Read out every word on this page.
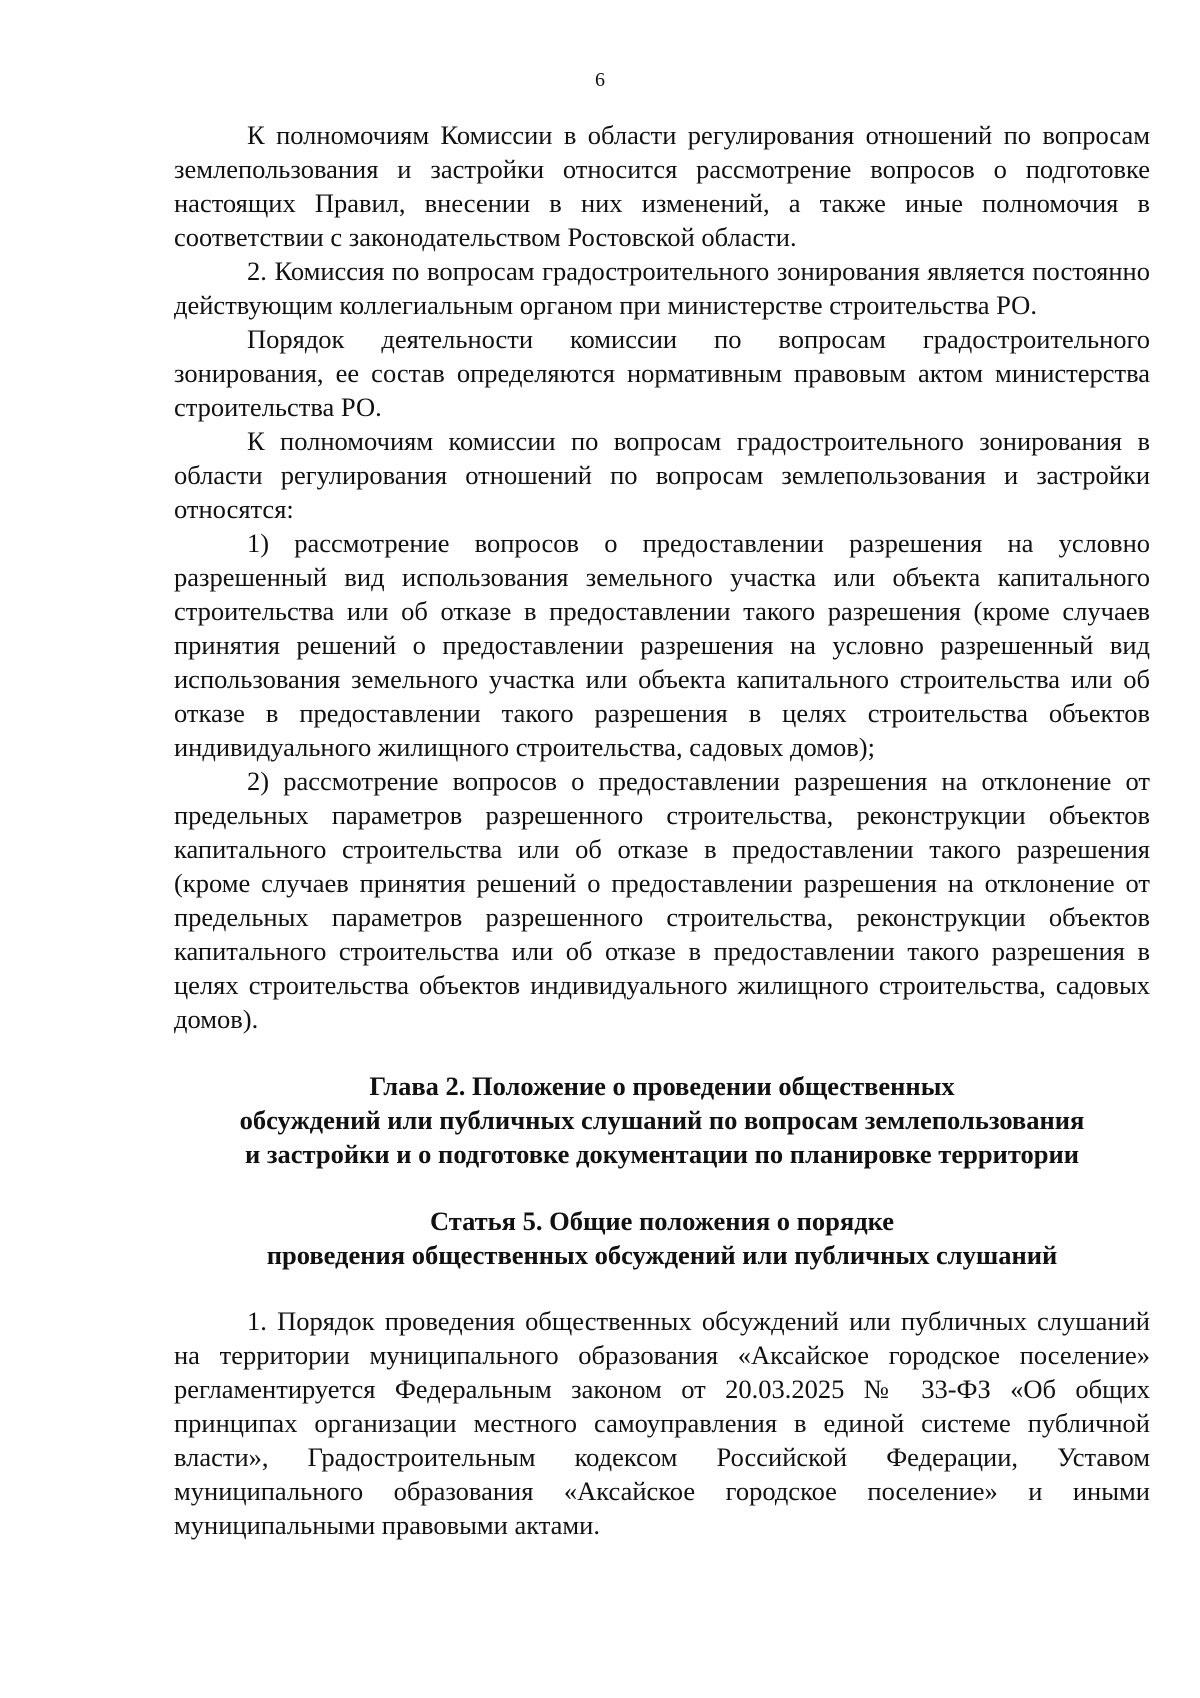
6

К полномочиям Комиссии в области регулирования отношений по вопросам землепользования и застройки относится рассмотрение вопросов о подготовке настоящих Правил, внесении в них изменений, а также иные полномочия в соответствии с законодательством Ростовской области.

2. Комиссия по вопросам градостроительного зонирования является постоянно действующим коллегиальным органом при министерстве строительства РО.

Порядок деятельности комиссии по вопросам градостроительного зонирования, ее состав определяются нормативным правовым актом министерства строительства РО.

К полномочиям комиссии по вопросам градостроительного зонирования в области регулирования отношений по вопросам землепользования и застройки относятся:

1) рассмотрение вопросов о предоставлении разрешения на условно разрешенный вид использования земельного участка или объекта капитального строительства или об отказе в предоставлении такого разрешения (кроме случаев принятия решений о предоставлении разрешения на условно разрешенный вид использования земельного участка или объекта капитального строительства или об отказе в предоставлении такого разрешения в целях строительства объектов индивидуального жилищного строительства, садовых домов);

2) рассмотрение вопросов о предоставлении разрешения на отклонение от предельных параметров разрешенного строительства, реконструкции объектов капитального строительства или об отказе в предоставлении такого разрешения (кроме случаев принятия решений о предоставлении разрешения на отклонение от предельных параметров разрешенного строительства, реконструкции объектов капитального строительства или об отказе в предоставлении такого разрешения в целях строительства объектов индивидуального жилищного строительства, садовых домов).

Глава 2. Положение о проведении общественных
обсуждений или публичных слушаний по вопросам землепользования
и застройки и о подготовке документации по планировке территории
Статья 5. Общие положения о порядке
проведения общественных обсуждений или публичных слушаний

1. Порядок проведения общественных обсуждений или публичных слушаний на территории муниципального образования «Аксайское городское поселение» регламентируется Федеральным законом от 20.03.2025 № 33-ФЗ «Об общих принципах организации местного самоуправления в единой системе публичной власти», Градостроительным кодексом Российской Федерации, Уставом муниципального образования «Аксайское городское поселение» и иными муниципальными правовыми актами.
